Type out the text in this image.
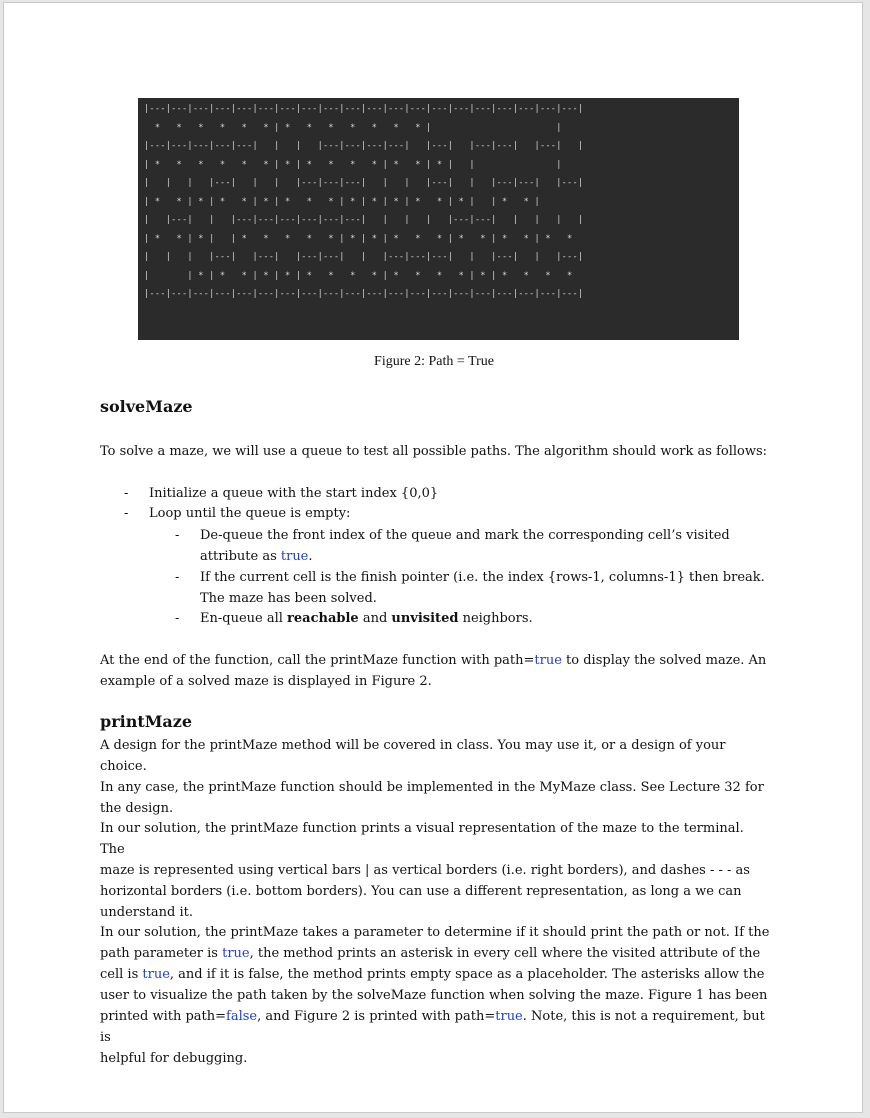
|---|---|---|---|---|---|---|---|---|---|---|---|---|---|---|---|---|---|---|---|
*   *   *   *   *   * | *   *   *   *   *   *   * |                       |
|---|---|---|---|---|   |   |   |---|---|---|---|   |---|   |---|---|   |---|   |
| *   *   *   *   *   * | * | *   *   *   * | *   * | * |   |               |
|   |   |   |---|   |   |   |---|---|---|   |   |   |---|   |   |---|---|   |---|
| *   * | * | *   * | * | *   *   * | * | * | * | *   * | * |   | *   * |
|   |---|   |   |---|---|---|---|---|---|   |   |   |   |---|---|   |   |   |   |
| *   * | * |   | *   *   *   *   * | * | * | *   *   * | *   * | *   * | *   *
|   |   |   |---|   |---|   |---|---|   |   |---|---|---|   |   |---|   |   |---|
|       | * | *   * | * | * | *   *   *   * | *   *   *   * | * | *   *   *   *
|---|---|---|---|---|---|---|---|---|---|---|---|---|---|---|---|---|---|---|---|
Figure 2: Path = True
solveMaze

To solve a maze, we will use a queue to test all possible paths. The algorithm should work as follows:

- Initialize a queue with the start index {0,0}
- Loop until the queue is empty:
- De-queue the front index of the queue and mark the corresponding cell’s visited
attribute as true.
- If the current cell is the finish pointer (i.e. the index {rows-1, columns-1} then break.
The maze has been solved.
- En-queue all reachable and unvisited neighbors.

At the end of the function, call the printMaze function with path=true to display the solved maze. An
example of a solved maze is displayed in Figure 2.

printMaze

A design for the printMaze method will be covered in class. You may use it, or a design of your choice.
In any case, the printMaze function should be implemented in the MyMaze class. See Lecture 32 for
the design.

In our solution, the printMaze function prints a visual representation of the maze to the terminal. The
maze is represented using vertical bars | as vertical borders (i.e. right borders), and dashes - - - as
horizontal borders (i.e. bottom borders). You can use a different representation, as long a we can
understand it.

In our solution, the printMaze takes a parameter to determine if it should print the path or not. If the
path parameter is true, the method prints an asterisk in every cell where the visited attribute of the
cell is true, and if it is false, the method prints empty space as a placeholder. The asterisks allow the
user to visualize the path taken by the solveMaze function when solving the maze. Figure 1 has been
printed with path=false, and Figure 2 is printed with path=true. Note, this is not a requirement, but is
helpful for debugging.
